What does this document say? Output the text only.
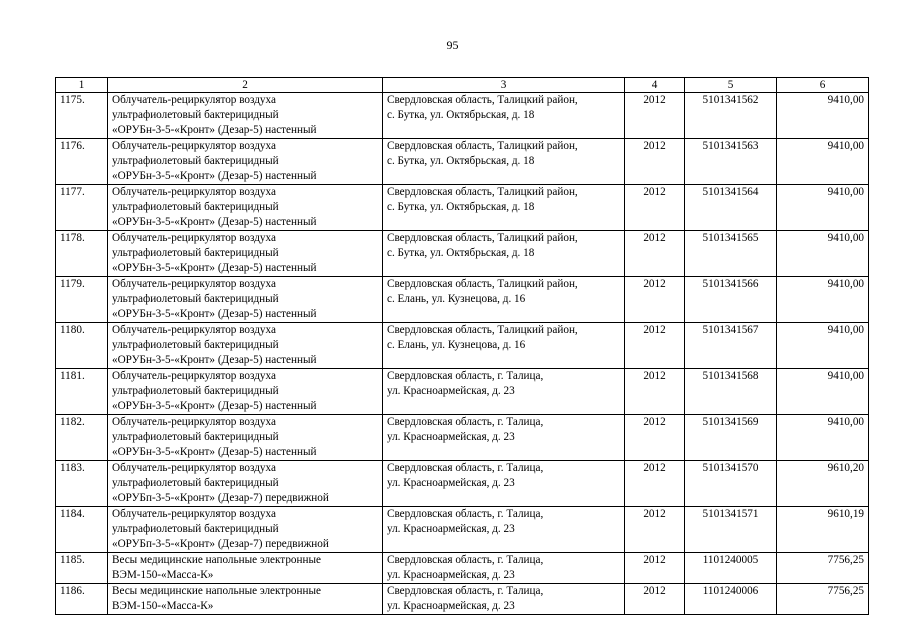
95
1	2	3	4	5	6
1175.	Облучатель-рециркулятор воздуха
ультрафиолетовый бактерицидный
«ОРУБн-3-5-«Кронт» (Дезар-5) настенный	Свердловская область, Талицкий район,
с. Бутка, ул. Октябрьская, д. 18	2012	5101341562	9410,00
1176.	Облучатель-рециркулятор воздуха
ультрафиолетовый бактерицидный
«ОРУБн-3-5-«Кронт» (Дезар-5) настенный	Свердловская область, Талицкий район,
с. Бутка, ул. Октябрьская, д. 18	2012	5101341563	9410,00
1177.	Облучатель-рециркулятор воздуха
ультрафиолетовый бактерицидный
«ОРУБн-3-5-«Кронт» (Дезар-5) настенный	Свердловская область, Талицкий район,
с. Бутка, ул. Октябрьская, д. 18	2012	5101341564	9410,00
1178.	Облучатель-рециркулятор воздуха
ультрафиолетовый бактерицидный
«ОРУБн-3-5-«Кронт» (Дезар-5) настенный	Свердловская область, Талицкий район,
с. Бутка, ул. Октябрьская, д. 18	2012	5101341565	9410,00
1179.	Облучатель-рециркулятор воздуха
ультрафиолетовый бактерицидный
«ОРУБн-3-5-«Кронт» (Дезар-5) настенный	Свердловская область, Талицкий район,
с. Елань, ул. Кузнецова, д. 16	2012	5101341566	9410,00
1180.	Облучатель-рециркулятор воздуха
ультрафиолетовый бактерицидный
«ОРУБн-3-5-«Кронт» (Дезар-5) настенный	Свердловская область, Талицкий район,
с. Елань, ул. Кузнецова, д. 16	2012	5101341567	9410,00
1181.	Облучатель-рециркулятор воздуха
ультрафиолетовый бактерицидный
«ОРУБн-3-5-«Кронт» (Дезар-5) настенный	Свердловская область, г. Талица,
ул. Красноармейская, д. 23	2012	5101341568	9410,00
1182.	Облучатель-рециркулятор воздуха
ультрафиолетовый бактерицидный
«ОРУБн-3-5-«Кронт» (Дезар-5) настенный	Свердловская область, г. Талица,
ул. Красноармейская, д. 23	2012	5101341569	9410,00
1183.	Облучатель-рециркулятор воздуха
ультрафиолетовый бактерицидный
«ОРУБп-3-5-«Кронт» (Дезар-7) передвижной	Свердловская область, г. Талица,
ул. Красноармейская, д. 23	2012	5101341570	9610,20
1184.	Облучатель-рециркулятор воздуха
ультрафиолетовый бактерицидный
«ОРУБп-3-5-«Кронт» (Дезар-7) передвижной	Свердловская область, г. Талица,
ул. Красноармейская, д. 23	2012	5101341571	9610,19
1185.	Весы медицинские напольные электронные
ВЭМ-150-«Масса-К»	Свердловская область, г. Талица,
ул. Красноармейская, д. 23	2012	1101240005	7756,25
1186.	Весы медицинские напольные электронные
ВЭМ-150-«Масса-К»	Свердловская область, г. Талица,
ул. Красноармейская, д. 23	2012	1101240006	7756,25
